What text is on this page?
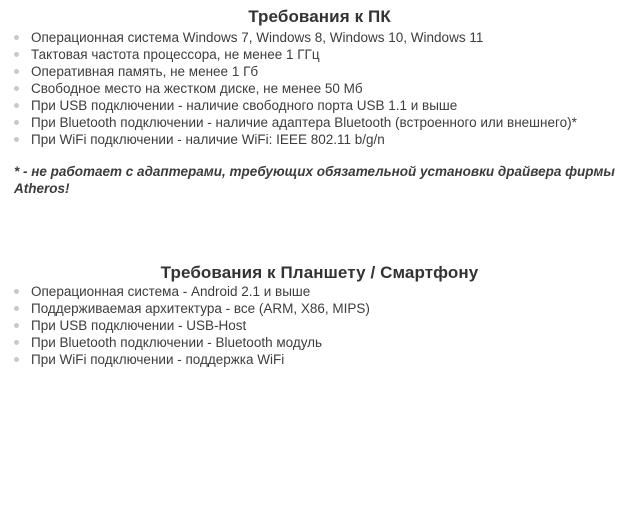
Требования к ПК
Операционная система Windows 7, Windows 8, Windows 10, Windows 11
Тактовая частота процессора, не менее 1 ГГц
Оперативная память, не менее 1 Гб
Свободное место на жестком диске, не менее 50 Мб
При USB подключении - наличие свободного порта USB 1.1 и выше
При Bluetooth подключении - наличие адаптера Bluetooth (встроенного или внешнего)*
При WiFi подключении - наличие WiFi: IEEE 802.11 b/g/n

* - не работает с адаптерами, требующих обязательной установки драйвера фирмы Atheros!

Требования к Планшету / Смартфону
Операционная система - Android 2.1 и выше
Поддерживаемая архитектура - все (ARM, X86, MIPS)
При USB подключении - USB-Host
При Bluetooth подключении - Bluetooth модуль
При WiFi подключении - поддержка WiFi
